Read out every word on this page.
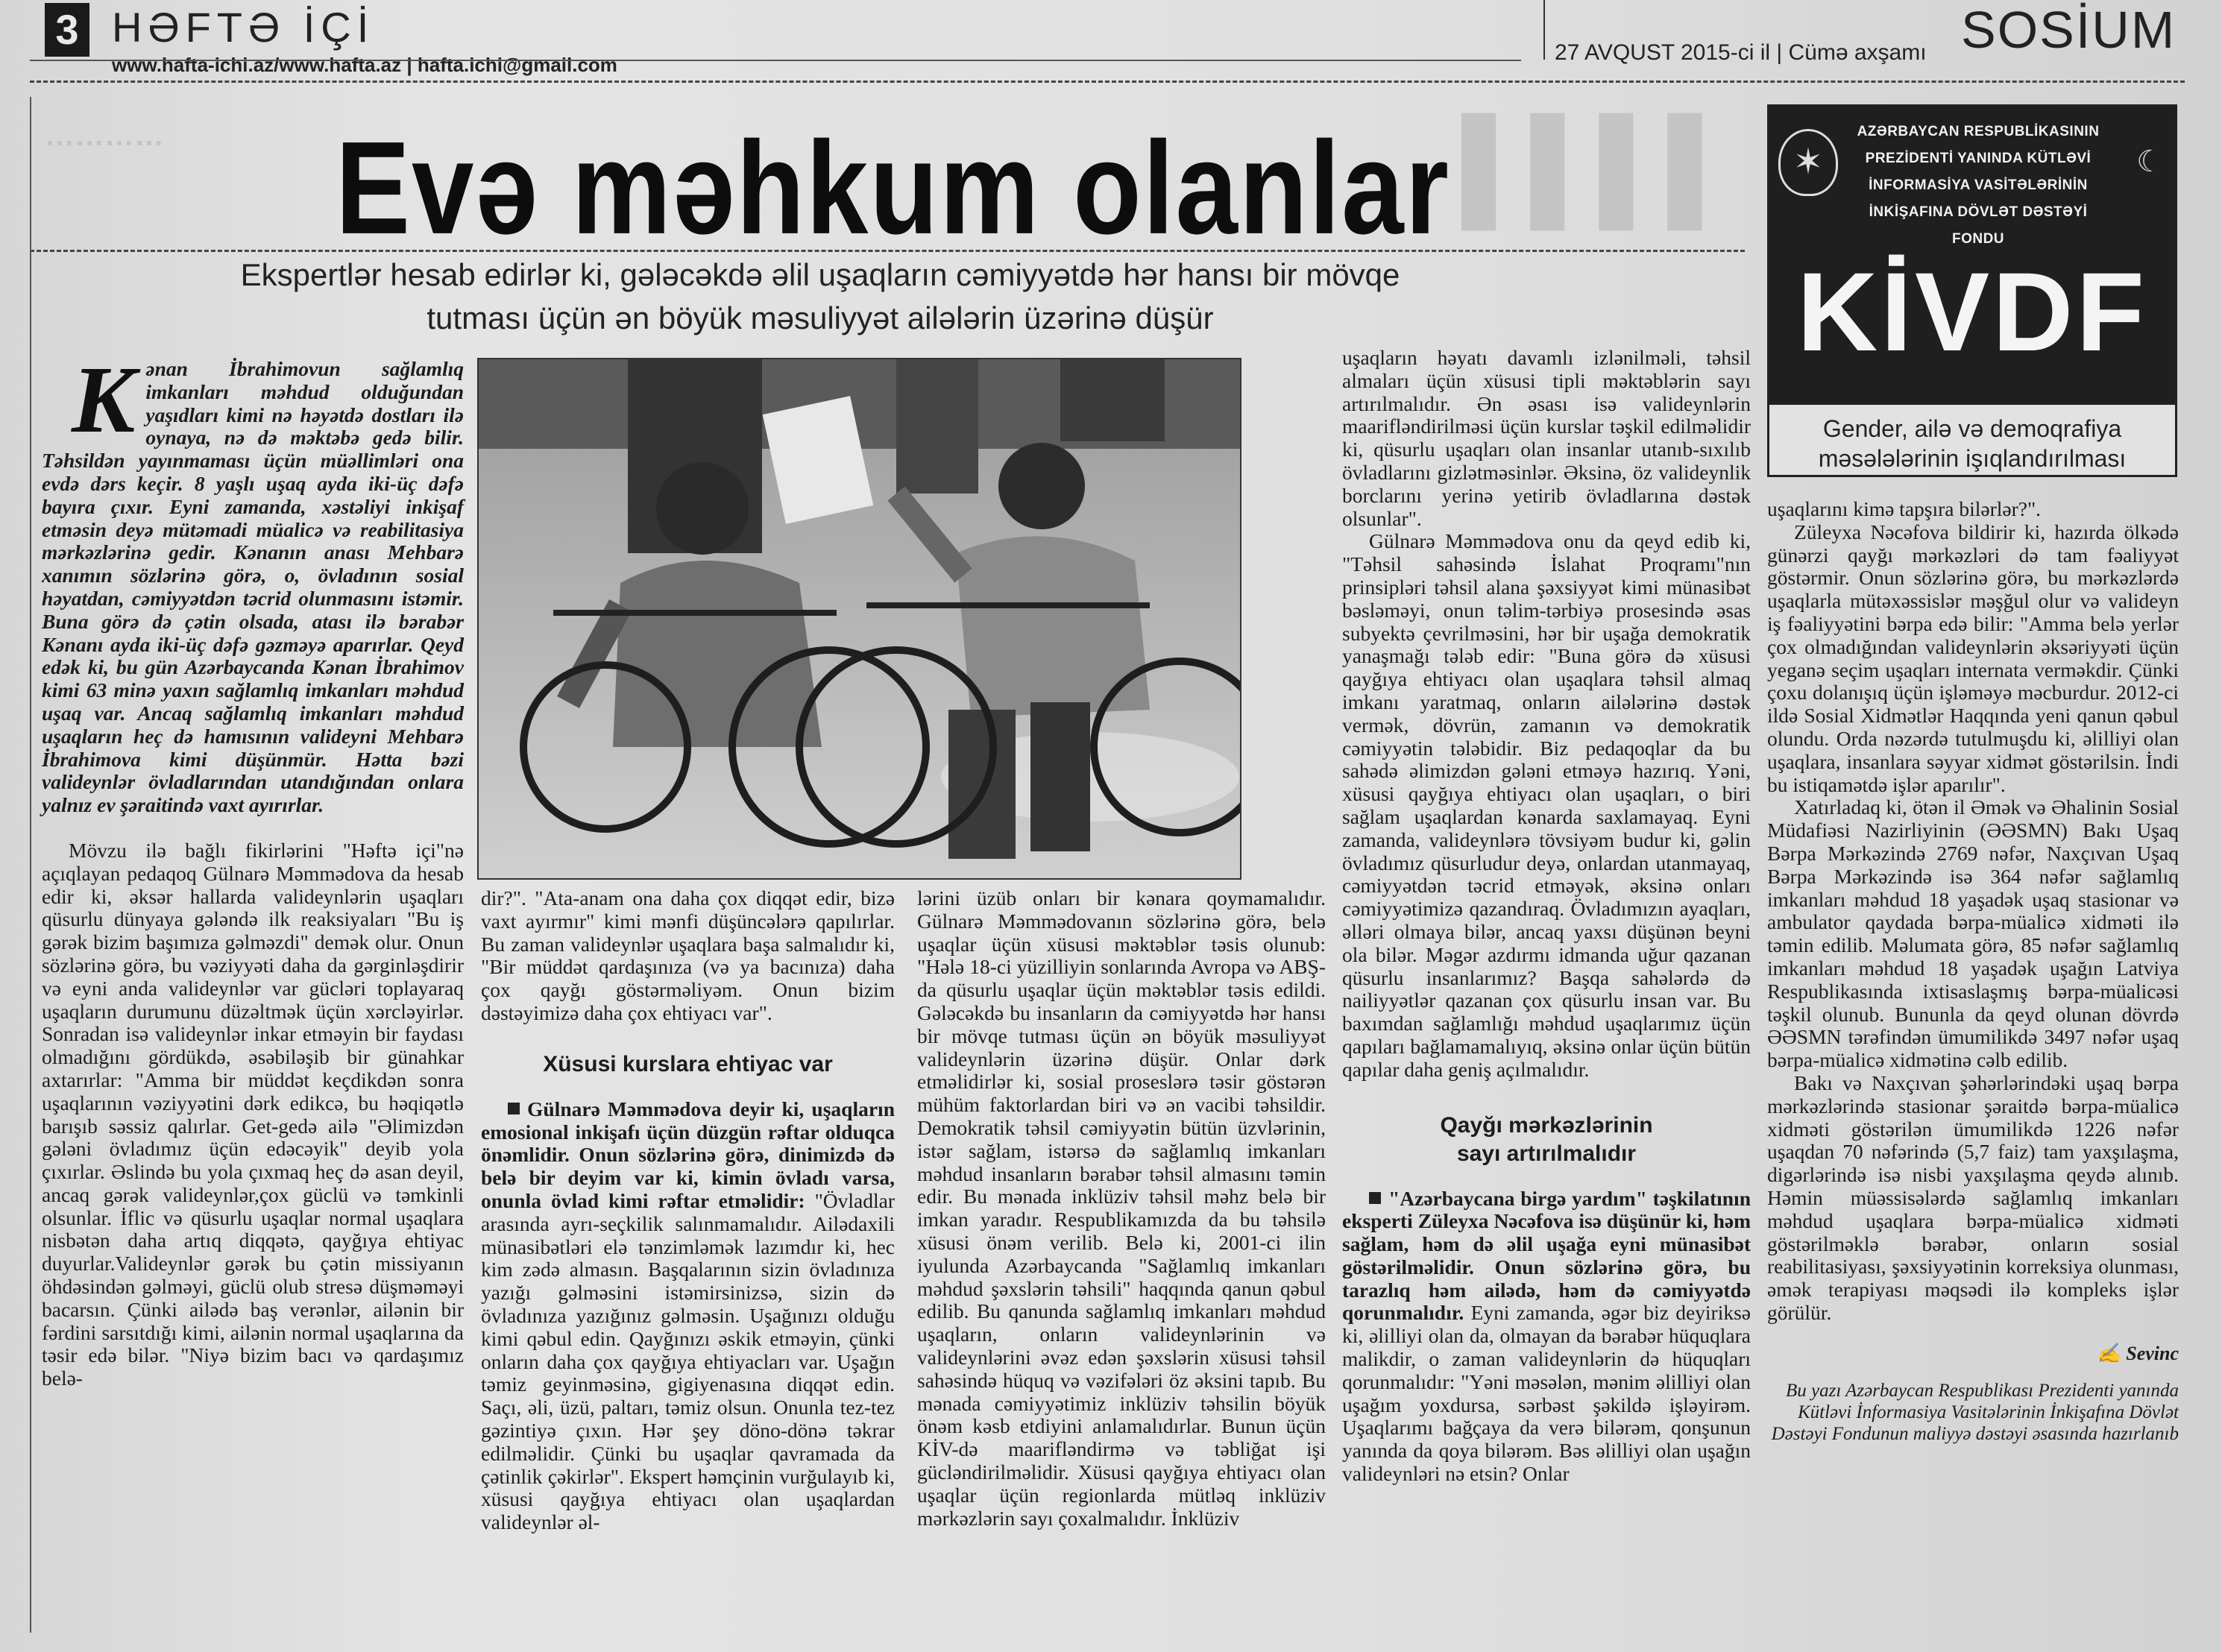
3 HƏFTƏ İÇİ
www.hafta-ichi.az/www.hafta.az | hafta.ichi@gmail.com	27 AVQUST 2015-ci il | Cümə axşamı SOSİUM
…………	▌▌▌▌
Evə məhkum olanlar
Ekspertlər hesab edirlər ki, gələcəkdə əlil uşaqların cəmiyyətdə hər hansı bir mövqe tutması üçün ən böyük məsuliyyət ailələrin üzərinə düşür
✶
AZƏRBAYCAN RESPUBLİKASININ PREZİDENTİ YANINDA KÜTLƏVİ İNFORMASİYA VASİTƏLƏRİNİN İNKİŞAFINA DÖVLƏT DƏSTƏYİ FONDU
☾
KİVDF
Gender, ailə və demoqrafiya məsələlərinin işıqlandırılması

Kənan İbrahimovun sağlamlıq imkanları məhdud olduğundan yaşıdları kimi nə həyətdə dostları ilə oynaya, nə də məktəbə gedə bilir. Təhsildən yayınmaması üçün müəllimləri ona evdə dərs keçir. 8 yaşlı uşaq ayda iki-üç dəfə bayıra çıxır. Eyni zamanda, xəstəliyi inkişaf etməsin deyə mütəmadi müalicə və reabilitasiya mərkəzlərinə gedir. Kənanın anası Mehbarə xanımın sözlərinə görə, o, övladının sosial həyatdan, cəmiyyətdən təcrid olunmasını istəmir. Buna görə də çətin olsada, atası ilə bərabər Kənanı ayda iki-üç dəfə gəzməyə aparırlar. Qeyd edək ki, bu gün Azərbaycanda Kənan İbrahimov kimi 63 minə yaxın sağlamlıq imkanları məhdud uşaq var. Ancaq sağlamlıq imkanları məhdud uşaqların heç də hamısının valideyni Mehbarə İbrahimova kimi düşünmür. Hətta bəzi valideynlər övladlarından utandığından onlara yalnız ev şəraitində vaxt ayırırlar.

Mövzu ilə bağlı fikirlərini "Həftə içi"nə açıqlayan pedaqoq Gülnarə Məmmədova da hesab edir ki, əksər hallarda valideynlərin uşaqları qüsurlu dünyaya gələndə ilk reaksiyaları "Bu iş gərək bizim başımıza gəlməzdi" demək olur. Onun sözlərinə görə, bu vəziyyəti daha da gərginləşdirir və eyni anda valideynlər var gücləri toplayaraq uşaqların durumunu düzəltmək üçün xərcləyirlər. Sonradan isə valideynlər inkar etməyin bir faydası olmadığını gördükdə, əsəbiləşib bir günahkar axtarırlar: "Amma bir müddət keçdikdən sonra uşaqlarının vəziyyətini dərk edikcə, bu həqiqətlə barışıb səssiz qalırlar. Get-gedə ailə "Əlimizdən gələni övladımız üçün edəcəyik" deyib yola çıxırlar. Əslində bu yola çıxmaq heç də asan deyil, ancaq gərək valideynlər,çox güclü və təmkinli olsunlar. İflic və qüsurlu uşaqlar normal uşaqlara nisbətən daha artıq diqqətə, qayğıya ehtiyac duyurlar.Valideynlər gərək bu çətin missiyanın öhdəsindən gəlməyi, güclü olub stresə düşməməyi bacarsın. Çünki ailədə baş verənlər, ailənin bir fərdini sarsıtdığı kimi, ailənin normal uşaqlarına da təsir edə bilər. "Niyə bizim bacı və qardaşımız belə-

dir?". "Ata-anam ona daha çox diqqət edir, bizə vaxt ayırmır" kimi mənfi düşüncələrə qapılırlar. Bu zaman valideynlər uşaqlara başa salmalıdır ki, "Bir müddət qardaşınıza (və ya bacınıza) daha çox qayğı göstərməliyəm. Onun bizim dəstəyimizə daha çox ehtiyacı var".

Xüsusi kurslara ehtiyac var

Gülnarə Məmmədova deyir ki, uşaqların emosional inkişafı üçün düzgün rəftar olduqca önəmlidir. Onun sözlərinə görə, dinimizdə də belə bir deyim var ki, kimin övladı varsa, onunla övlad kimi rəftar etməlidir: "Övladlar arasında ayrı-seçkilik salınmamalıdır. Ailədaxili münasibətləri elə tənzimləmək lazımdır ki, hec kim zədə almasın. Başqalarının sizin övladınıza yazığı gəlməsini istəmirsinizsə, sizin də övladınıza yazığınız gəlməsin. Uşağınızı olduğu kimi qəbul edin. Qayğınızı əskik etməyin, çünki onların daha çox qayğıya ehtiyacları var. Uşağın təmiz geyinməsinə, gigiyenasına diqqət edin. Saçı, əli, üzü, paltarı, təmiz olsun. Onunla tez-tez gəzintiyə çıxın. Hər şey döno-dönə təkrar edilməlidir. Çünki bu uşaqlar qavramada da çətinlik çəkirlər". Ekspert həmçinin vurğulayıb ki, xüsusi qayğıya ehtiyacı olan uşaqlardan valideynlər əl-

lərini üzüb onları bir kənara qoymamalıdır. Gülnarə Məmmədovanın sözlərinə görə, belə uşaqlar üçün xüsusi məktəblər təsis olunub: "Hələ 18-ci yüzilliyin sonlarında Avropa və ABŞ-da qüsurlu uşaqlar üçün məktəblər təsis edildi. Gələcəkdə bu insanların da cəmiyyətdə hər hansı bir mövqe tutması üçün ən böyük məsuliyyət valideynlərin üzərinə düşür. Onlar dərk etməlidirlər ki, sosial proseslərə təsir göstərən mühüm faktorlardan biri və ən vacibi təhsildir. Demokratik təhsil cəmiyyətin bütün üzvlərinin, istər sağlam, istərsə də sağlamlıq imkanları məhdud insanların bərabər təhsil almasını təmin edir. Bu mənada inklüziv təhsil məhz belə bir imkan yaradır. Respublikamızda da bu təhsilə xüsusi önəm verilib. Belə ki, 2001-ci ilin iyulunda Azərbaycanda "Sağlamlıq imkanları məhdud şəxslərin təhsili" haqqında qanun qəbul edilib. Bu qanunda sağlamlıq imkanları məhdud uşaqların, onların valideynlərinin və valideynlərini əvəz edən şəxslərin xüsusi təhsil sahəsində hüquq və vəzifələri öz əksini tapıb. Bu mənada cəmiyyətimiz inklüziv təhsilin böyük önəm kəsb etdiyini anlamalıdırlar. Bunun üçün KİV-də maarifləndirmə və təbliğat işi gücləndirilməlidir. Xüsusi qayğıya ehtiyacı olan uşaqlar üçün regionlarda mütləq inklüziv mərkəzlərin sayı çoxalmalıdır. İnklüziv

uşaqların həyatı davamlı izlənilməli, təhsil almaları üçün xüsusi tipli məktəblərin sayı artırılmalıdır. Ən əsası isə valideynlərin maarifləndirilməsi üçün kurslar təşkil edilməlidir ki, qüsurlu uşaqları olan insanlar utanıb-sıxılıb övladlarını gizlətməsinlər. Əksinə, öz valideynlik borclarını yerinə yetirib övladlarına dəstək olsunlar".

Gülnarə Məmmədova onu da qeyd edib ki, "Təhsil sahəsində İslahat Proqramı"nın prinsipləri təhsil alana şəxsiyyət kimi münasibət bəsləməyi, onun təlim-tərbiyə prosesində əsas subyektə çevrilməsini, hər bir uşağa demokratik yanaşmağı tələb edir: "Buna görə də xüsusi qayğıya ehtiyacı olan uşaqlara təhsil almaq imkanı yaratmaq, onların ailələrinə dəstək vermək, dövrün, zamanın və demokratik cəmiyyətin tələbidir. Biz pedaqoqlar da bu sahədə əlimizdən gələni etməyə hazırıq. Yəni, xüsusi qayğıya ehtiyacı olan uşaqları, o biri sağlam uşaqlardan kənarda saxlamayaq. Eyni zamanda, valideynlərə tövsiyəm budur ki, gəlin övladımız qüsurludur deyə, onlardan utanmayaq, cəmiyyətdən təcrid etməyək, əksinə onları cəmiyyətimizə qazandıraq. Övladımızın ayaqları, əlləri olmaya bilər, ancaq yaxsı düşünən beyni ola bilər. Məgər azdırmı idmanda uğur qazanan qüsurlu insanlarımız? Başqa sahələrdə də nailiyyətlər qazanan çox qüsurlu insan var. Bu baxımdan sağlamlığı məhdud uşaqlarımız üçün qapıları bağlamamalıyıq, əksinə onlar üçün bütün qapılar daha geniş açılmalıdır.

Qayğı mərkəzlərinin
sayı artırılmalıdır

"Azərbaycana birgə yardım" təşkilatının eksperti Züleyxa Nəcəfova isə düşünür ki, həm sağlam, həm də əlil uşağa eyni münasibət göstərilməlidir. Onun sözlərinə görə, bu tarazlıq həm ailədə, həm də cəmiyyətdə qorunmalıdır. Eyni zamanda, əgər biz deyiriksə ki, əlilliyi olan da, olmayan da bərabər hüquqlara malikdir, o zaman valideynlərin də hüquqları qorunmalıdır: "Yəni məsələn, mənim əlilliyi olan uşağım yoxdursa, sərbəst şəkildə işləyirəm. Uşaqlarımı bağçaya da verə bilərəm, qonşunun yanında da qoya bilərəm. Bəs əlilliyi olan uşağın valideynləri nə etsin? Onlar

uşaqlarını kimə tapşıra bilərlər?".

Züleyxa Nəcəfova bildirir ki, hazırda ölkədə günərzi qayğı mərkəzləri də tam fəaliyyət göstərmir. Onun sözlərinə görə, bu mərkəzlərdə uşaqlarla mütəxəssislər məşğul olur və valideyn iş fəaliyyətini bərpa edə bilir: "Amma belə yerlər çox olmadığından valideynlərin əksəriyyəti üçün yeganə seçim uşaqları internata verməkdir. Çünki çoxu dolanışıq üçün işləməyə məcburdur. 2012-ci ildə Sosial Xidmətlər Haqqında yeni qanun qəbul olundu. Orda nəzərdə tutulmuşdu ki, əlilliyi olan uşaqlara, insanlara səyyar xidmət göstərilsin. İndi bu istiqamətdə işlər aparılır".

Xatırladaq ki, ötən il Əmək və Əhalinin Sosial Müdafiəsi Nazirliyinin (ƏƏSMN) Bakı Uşaq Bərpa Mərkəzində 2769 nəfər, Naxçıvan Uşaq Bərpa Mərkəzində isə 364 nəfər sağlamlıq imkanları məhdud 18 yaşadək uşaq stasionar və ambulator qaydada bərpa-müalicə xidməti ilə təmin edilib. Məlumata görə, 85 nəfər sağlamlıq imkanları məhdud 18 yaşadək uşağın Latviya Respublikasında ixtisaslaşmış bərpa-müalicəsi təşkil olunub. Bununla da qeyd olunan dövrdə ƏƏSMN tərəfindən ümumilikdə 3497 nəfər uşaq bərpa-müalicə xidmətinə cəlb edilib.

Bakı və Naxçıvan şəhərlərindəki uşaq bərpa mərkəzlərində stasionar şəraitdə bərpa-müalicə xidməti göstərilən ümumilikdə 1226 nəfər uşaqdan 70 nəfərində (5,7 faiz) tam yaxşılaşma, digərlərində isə nisbi yaxşılaşma qeydə alınıb. Həmin müəssisələrdə sağlamlıq imkanları məhdud uşaqlara bərpa-müalicə xidməti göstərilməklə bərabər, onların sosial reabilitasiyası, şəxsiyyətinin korreksiya olunması, əmək terapiyası məqsədi ilə kompleks işlər görülür.

✍ Sevinc

Bu yazı Azərbaycan Respublikası Prezidenti yanında Kütləvi İnformasiya Vasitələrinin İnkişafına Dövlət Dəstəyi Fondunun maliyyə dəstəyi əsasında hazırlanıb
